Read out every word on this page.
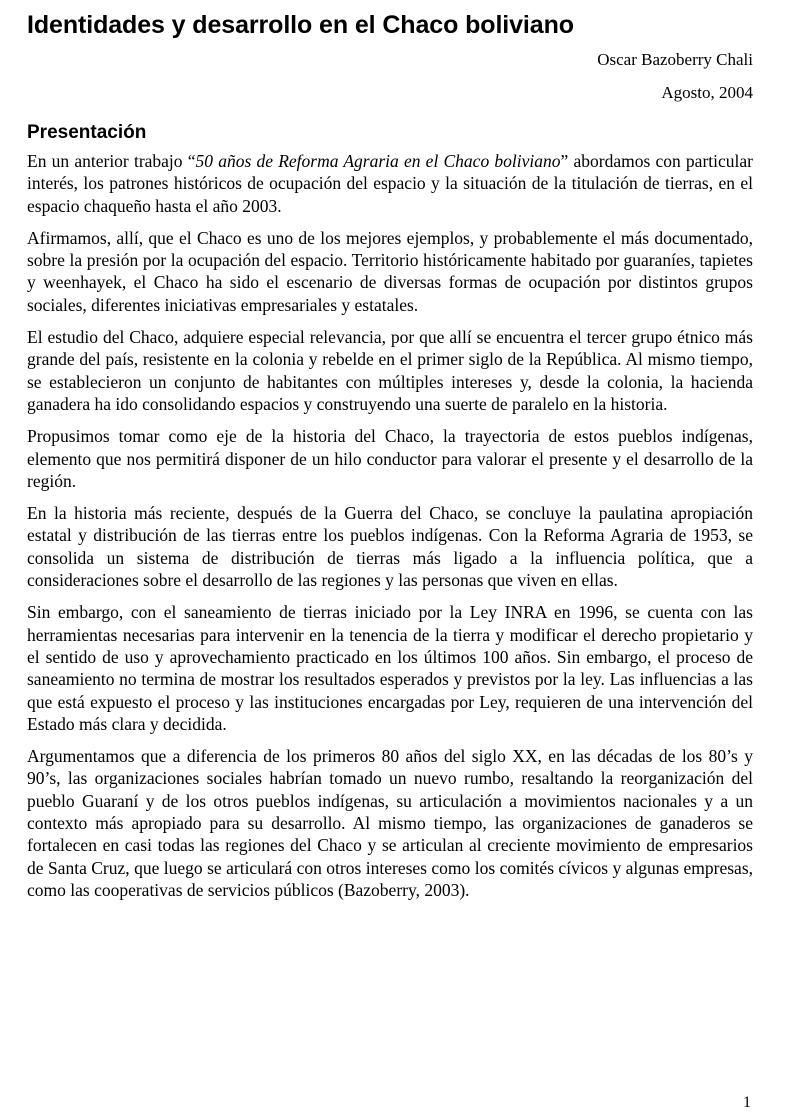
Identidades y desarrollo en el Chaco boliviano

Oscar Bazoberry Chali

Agosto, 2004

Presentación

En un anterior trabajo “50 años de Reforma Agraria en el Chaco boliviano” abordamos con particular interés, los patrones históricos de ocupación del espacio y la situación de la titulación de tierras, en el espacio chaqueño hasta el año 2003.

Afirmamos, allí, que el Chaco es uno de los mejores ejemplos, y probablemente el más documentado, sobre la presión por la ocupación del espacio. Territorio históricamente habitado por guaraníes, tapietes y weenhayek, el Chaco ha sido el escenario de diversas formas de ocupación por distintos grupos sociales, diferentes iniciativas empresariales y estatales.

El estudio del Chaco, adquiere especial relevancia, por que allí se encuentra el tercer grupo étnico más grande del país, resistente en la colonia y rebelde en el primer siglo de la República. Al mismo tiempo, se establecieron un conjunto de habitantes con múltiples intereses y, desde la colonia, la hacienda ganadera ha ido consolidando espacios y construyendo una suerte de paralelo en la historia.

Propusimos tomar como eje de la historia del Chaco, la trayectoria de estos pueblos indígenas, elemento que nos permitirá disponer de un hilo conductor para valorar el presente y el desarrollo de la región.

En la historia más reciente, después de la Guerra del Chaco, se concluye la paulatina apropiación estatal y distribución de las tierras entre los pueblos indígenas. Con la Reforma Agraria de 1953, se consolida un sistema de distribución de tierras más ligado a la influencia política, que a consideraciones sobre el desarrollo de las regiones y las personas que viven en ellas.

Sin embargo, con el saneamiento de tierras iniciado por la Ley INRA en 1996, se cuenta con las herramientas necesarias para intervenir en la tenencia de la tierra y modificar el derecho propietario y el sentido de uso y aprovechamiento practicado en los últimos 100 años. Sin embargo, el proceso de saneamiento no termina de mostrar los resultados esperados y previstos por la ley. Las influencias a las que está expuesto el proceso y las instituciones encargadas por Ley, requieren de una intervención del Estado más clara y decidida.

Argumentamos que a diferencia de los primeros 80 años del siglo XX, en las décadas de los 80’s y 90’s, las organizaciones sociales habrían tomado un nuevo rumbo, resaltando la reorganización del pueblo Guaraní y de los otros pueblos indígenas, su articulación a movimientos nacionales y a un contexto más apropiado para su desarrollo. Al mismo tiempo, las organizaciones de ganaderos se fortalecen en casi todas las regiones del Chaco y se articulan al creciente movimiento de empresarios de Santa Cruz, que luego se articulará con otros intereses como los comités cívicos y algunas empresas, como las cooperativas de servicios públicos (Bazoberry, 2003).

1
